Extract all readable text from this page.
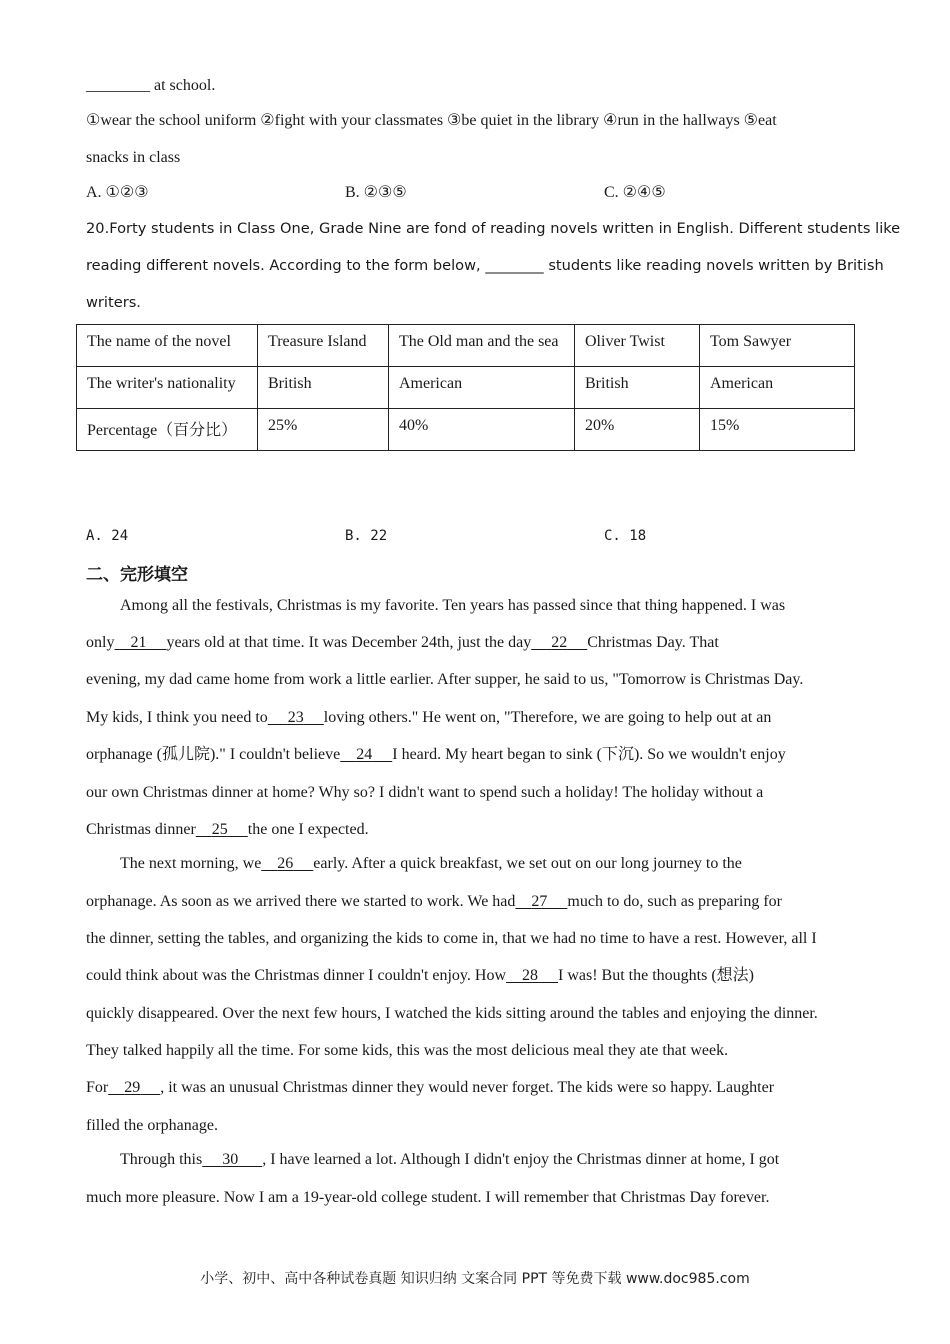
________ at school.
①wear the school uniform ②fight with your classmates ③be quiet in the library ④run in the hallways ⑤eat
snacks in class
A. ①②③	B. ②③⑤	C. ②④⑤
20.Forty students in Class One, Grade Nine are fond of reading novels written in English. Different students like
reading different novels. According to the form below, ________ students like reading novels written by British
writers.
The name of the novel	Treasure Island	The Old man and the sea	Oliver Twist	Tom Sawyer
The writer's nationality	British	American	British	American
Percentage（百分比）	25%	40%	20%	15%
A. 24	B. 22	C. 18
二、完形填空
Among all the festivals, Christmas is my favorite. Ten years has passed since that thing happened. I was
only 21 years old at that time. It was December 24th, just the day 22 Christmas Day. That
evening, my dad came home from work a little earlier. After supper, he said to us, "Tomorrow is Christmas Day.
My kids, I think you need to 23 loving others." He went on, "Therefore, we are going to help out at an
orphanage (孤儿院)." I couldn't believe 24 I heard. My heart began to sink (下沉). So we wouldn't enjoy
our own Christmas dinner at home? Why so? I didn't want to spend such a holiday! The holiday without a
Christmas dinner 25 the one I expected.
The next morning, we 26 early. After a quick breakfast, we set out on our long journey to the
orphanage. As soon as we arrived there we started to work. We had 27 much to do, such as preparing for
the dinner, setting the tables, and organizing the kids to come in, that we had no time to have a rest. However, all I
could think about was the Christmas dinner I couldn't enjoy. How 28 I was! But the thoughts (想法)
quickly disappeared. Over the next few hours, I watched the kids sitting around the tables and enjoying the dinner.
They talked happily all the time. For some kids, this was the most delicious meal they ate that week.
For 29 , it was an unusual Christmas dinner they would never forget. The kids were so happy. Laughter
filled the orphanage.
Through this 30 , I have learned a lot. Although I didn't enjoy the Christmas dinner at home, I got
much more pleasure. Now I am a 19-year-old college student. I will remember that Christmas Day forever.
小学、初中、高中各种试卷真题 知识归纳 文案合同 PPT 等免费下载 www.doc985.com
